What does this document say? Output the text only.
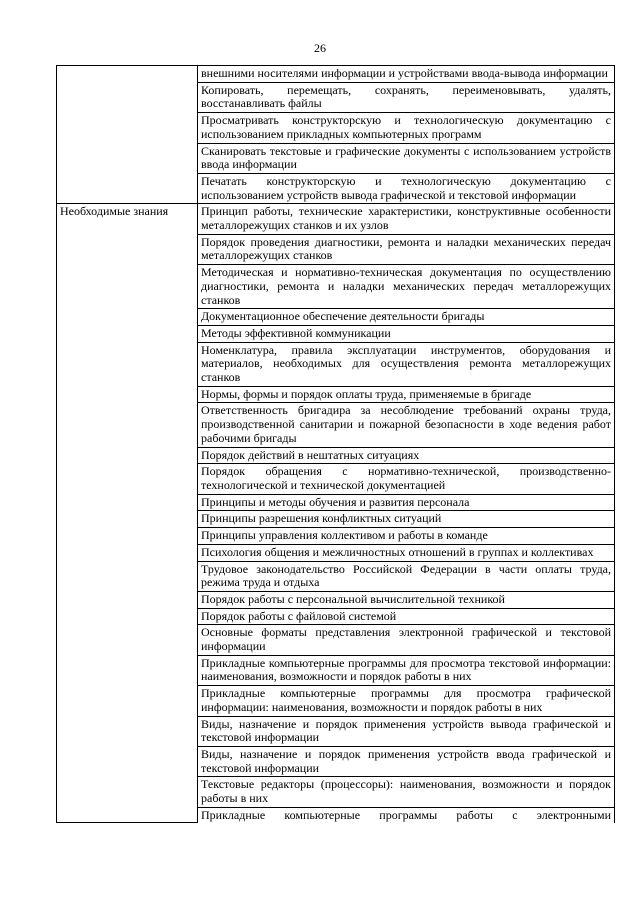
26

	внешними носителями информации и устройствами ввода-вывода информации

	Копировать, перемещать, сохранять, переименовывать, удалять, восстанавливать файлы

	Просматривать конструкторскую и технологическую документацию с использованием прикладных компьютерных программ

	Сканировать текстовые и графические документы с использованием устройств ввода информации

	Печатать конструкторскую и технологическую документацию с использованием устройств вывода графической и текстовой информации

Необходимые знания	Принцип работы, технические характеристики, конструктивные особенности металлорежущих станков и их узлов

	Порядок проведения диагностики, ремонта и наладки механических передач металлорежущих станков

	Методическая и нормативно-техническая документация по осуществлению диагностики, ремонта и наладки механических передач металлорежущих станков

	Документационное обеспечение деятельности бригады

	Методы эффективной коммуникации

	Номенклатура, правила эксплуатации инструментов, оборудования и материалов, необходимых для осуществления ремонта металлорежущих станков

	Нормы, формы и порядок оплаты труда, применяемые в бригаде

	Ответственность бригадира за несоблюдение требований охраны труда, производственной санитарии и пожарной безопасности в ходе ведения работ рабочими бригады

	Порядок действий в нештатных ситуациях

	Порядок обращения с нормативно-технической, производственно-технологической и технической документацией

	Принципы и методы обучения и развития персонала

	Принципы разрешения конфликтных ситуаций

	Принципы управления коллективом и работы в команде

	Психология общения и межличностных отношений в группах и коллективах

	Трудовое законодательство Российской Федерации в части оплаты труда, режима труда и отдыха

	Порядок работы с персональной вычислительной техникой

	Порядок работы с файловой системой

	Основные форматы представления электронной графической и текстовой информации

	Прикладные компьютерные программы для просмотра текстовой информации: наименования, возможности и порядок работы в них

	Прикладные компьютерные программы для просмотра графической информации: наименования, возможности и порядок работы в них

	Виды, назначение и порядок применения устройств вывода графической и текстовой информации

	Виды, назначение и порядок применения устройств ввода графической и текстовой информации

	Текстовые редакторы (процессоры): наименования, возможности и порядок работы в них

	Прикладные компьютерные программы работы с электронными
